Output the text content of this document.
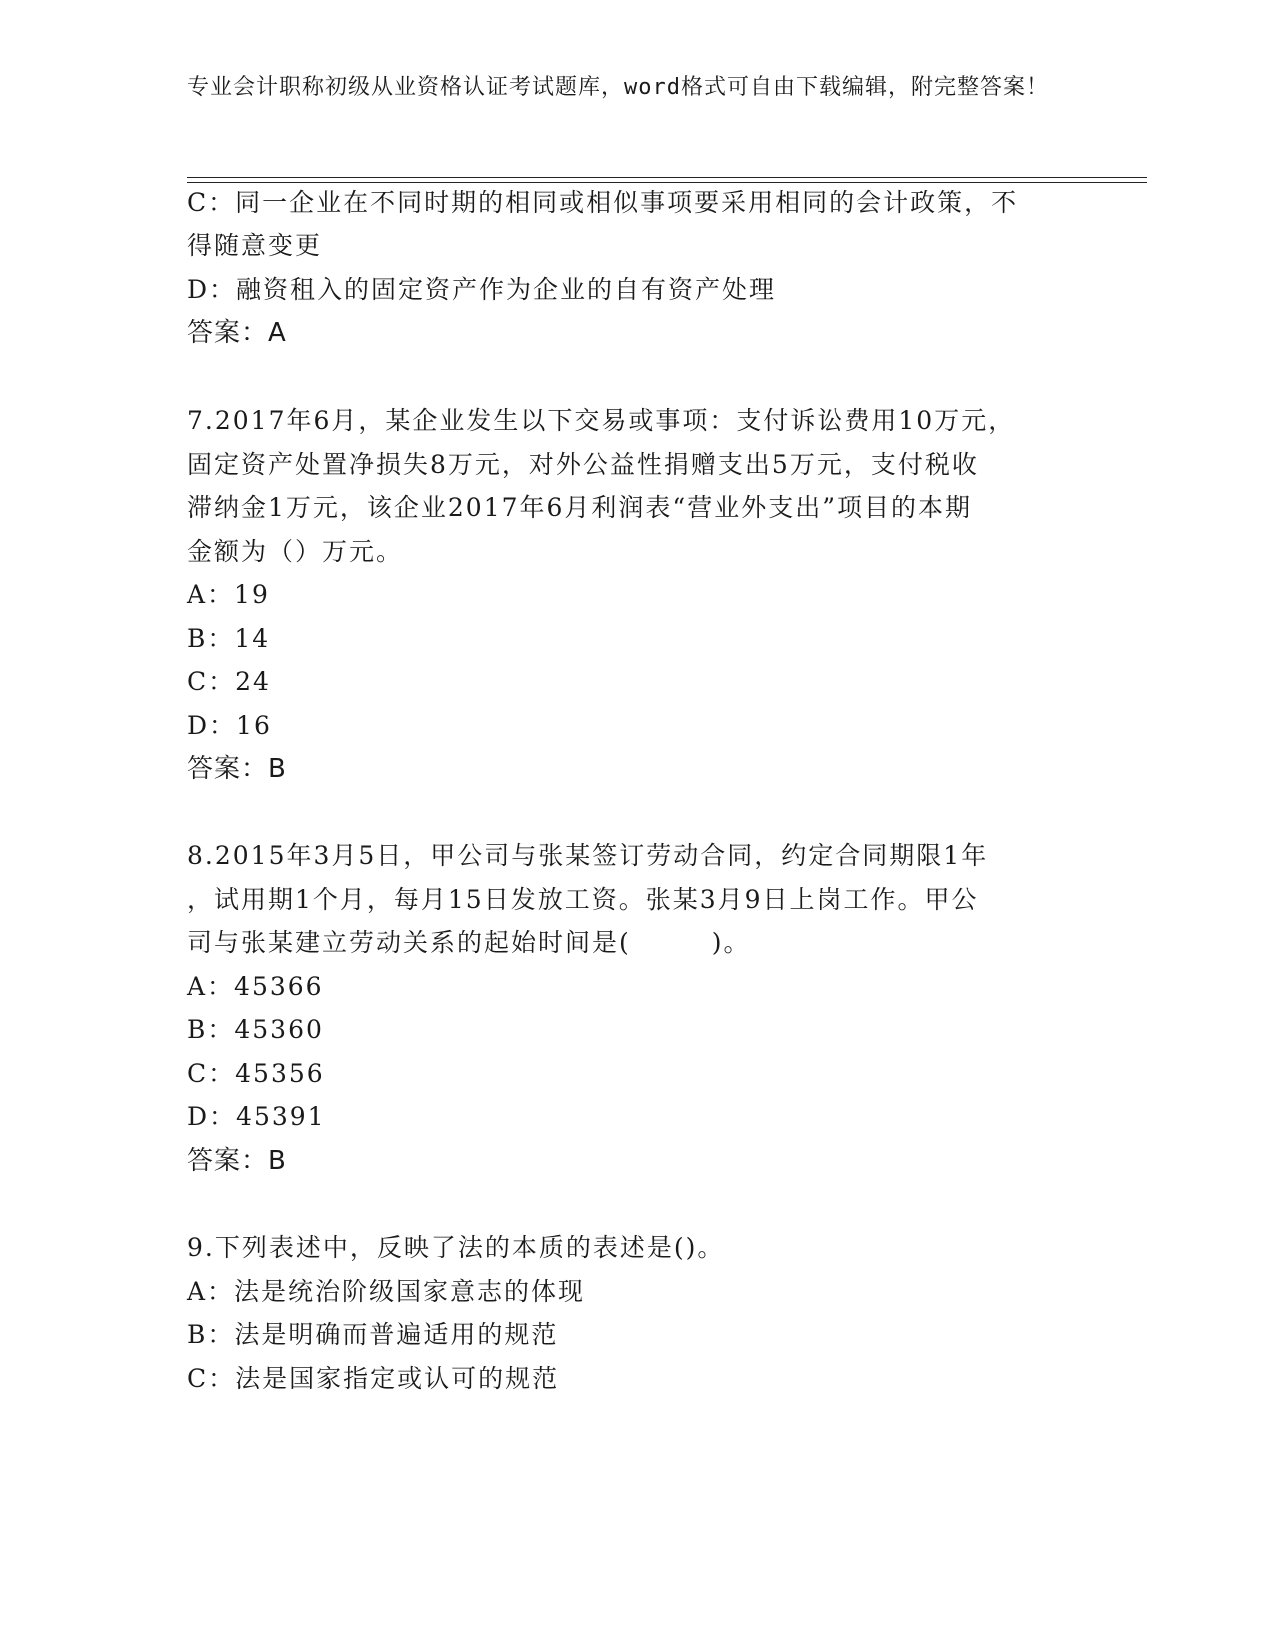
专业会计职称初级从业资格认证考试题库，word格式可自由下载编辑，附完整答案！
C：同一企业在不同时期的相同或相似事项要采用相同的会计政策，不
得随意变更
D：融资租入的固定资产作为企业的自有资产处理
答案：A
7.2017年6月，某企业发生以下交易或事项：支付诉讼费用10万元，
固定资产处置净损失8万元，对外公益性捐赠支出5万元，支付税收
滞纳金1万元，该企业2017年6月利润表“营业外支出”项目的本期
金额为（）万元。
A：19
B：14
C：24
D：16
答案：B
8.2015年3月5日，甲公司与张某签订劳动合同，约定合同期限1年
，试用期1个月，每月15日发放工资。张某3月9日上岗工作。甲公
司与张某建立劳动关系的起始时间是(　　　)。
A：45366
B：45360
C：45356
D：45391
答案：B
9.下列表述中，反映了法的本质的表述是()。
A：法是统治阶级国家意志的体现
B：法是明确而普遍适用的规范
C：法是国家指定或认可的规范
